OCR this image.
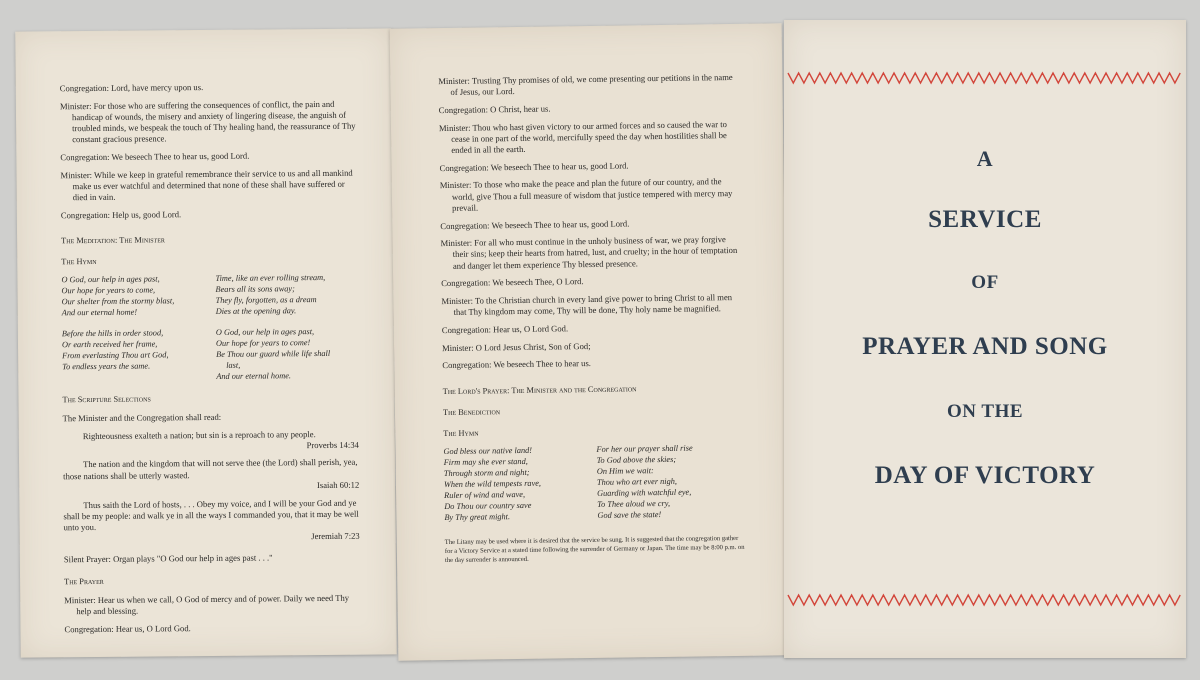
Congregation: Lord, have mercy upon us.

Minister: For those who are suffering the consequences of conflict, the pain and handicap of wounds, the misery and anxiety of lingering disease, the anguish of troubled minds, we bespeak the touch of Thy healing hand, the reassurance of Thy constant gracious presence.

Congregation: We beseech Thee to hear us, good Lord.

Minister: While we keep in grateful remembrance their service to us and all mankind make us ever watchful and determined that none of these shall have suffered or died in vain.

Congregation: Help us, good Lord.

The Meditation: The Minister

The Hymn

O God, our help in ages past,
Our hope for years to come,
Our shelter from the stormy blast,
And our eternal home!
Time, like an ever rolling stream,
Bears all its sons away;
They fly, forgotten, as a dream
Dies at the opening day.
Before the hills in order stood,
Or earth received her frame,
From everlasting Thou art God,
To endless years the same.
O God, our help in ages past,
Our hope for years to come!
Be Thou our guard while life shall
last,
And our eternal home.

The Scripture Selections

The Minister and the Congregation shall read:

Righteousness exalteth a nation; but sin is a reproach to any people.

Proverbs 14:34

The nation and the kingdom that will not serve thee (the Lord) shall perish, yea, those nations shall be utterly wasted.

Isaiah 60:12

Thus saith the Lord of hosts, . . . Obey my voice, and I will be your God and ye shall be my people: and walk ye in all the ways I commanded you, that it may be well unto you.

Jeremiah 7:23

Silent Prayer: Organ plays "O God our help in ages past . . ."

The Prayer

Minister: Hear us when we call, O God of mercy and of power. Daily we need Thy help and blessing.

Congregation: Hear us, O Lord God.

Minister: Trusting Thy promises of old, we come presenting our petitions in the name of Jesus, our Lord.

Congregation: O Christ, hear us.

Minister: Thou who hast given victory to our armed forces and so caused the war to cease in one part of the world, mercifully speed the day when hostilities shall be ended in all the earth.

Congregation: We beseech Thee to hear us, good Lord.

Minister: To those who make the peace and plan the future of our country, and the world, give Thou a full measure of wisdom that justice tempered with mercy may prevail.

Congregation: We beseech Thee to hear us, good Lord.

Minister: For all who must continue in the unholy business of war, we pray forgive their sins; keep their hearts from hatred, lust, and cruelty; in the hour of temptation and danger let them experience Thy blessed presence.

Congregation: We beseech Thee, O Lord.

Minister: To the Christian church in every land give power to bring Christ to all men that Thy kingdom may come, Thy will be done, Thy holy name be magnified.

Congregation: Hear us, O Lord God.

Minister: O Lord Jesus Christ, Son of God;

Congregation: We beseech Thee to hear us.

The Lord's Prayer: The Minister and the Congregation

The Benediction

The Hymn

God bless our native land!
Firm may she ever stand,
Through storm and night;
When the wild tempests rave,
Ruler of wind and wave,
Do Thou our country save
By Thy great might.
For her our prayer shall rise
To God above the skies;
On Him we wait:
Thou who art ever nigh,
Guarding with watchful eye,
To Thee aloud we cry,
God save the state!

The Litany may be used where it is desired that the service be sung. It is suggested that the congregation gather for a Victory Service at a stated time following the surrender of Germany or Japan. The time may be 8:00 p.m. on the day surrender is announced.

A
SERVICE
OF
PRAYER AND SONG
ON THE
DAY OF VICTORY
